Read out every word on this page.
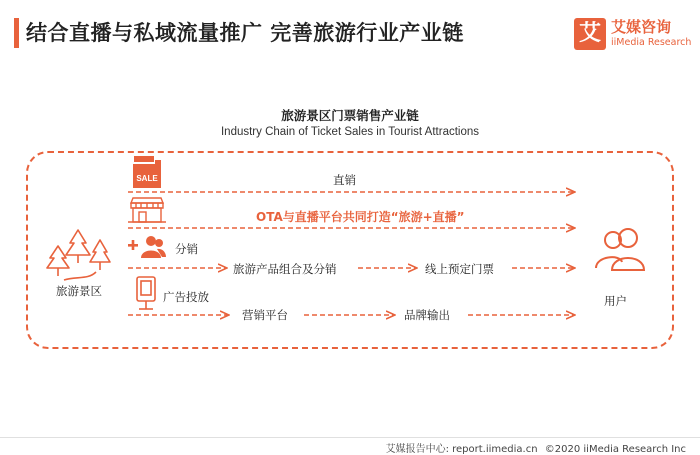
结合直播与私域流量推广 完善旅游行业产业链	艾 艾媒咨询
iiMedia Research
旅游景区门票销售产业链
Industry Chain of Ticket Sales in Tourist Attractions
SALE
旅游景区
用户
直销
OTA与直播平台共同打造“旅游+直播”
分销
旅游产品组合及分销	线上预定门票
广告投放
营销平台	品牌输出
艾媒报告中心: report.iimedia.cn ©2020 iiMedia Research Inc
